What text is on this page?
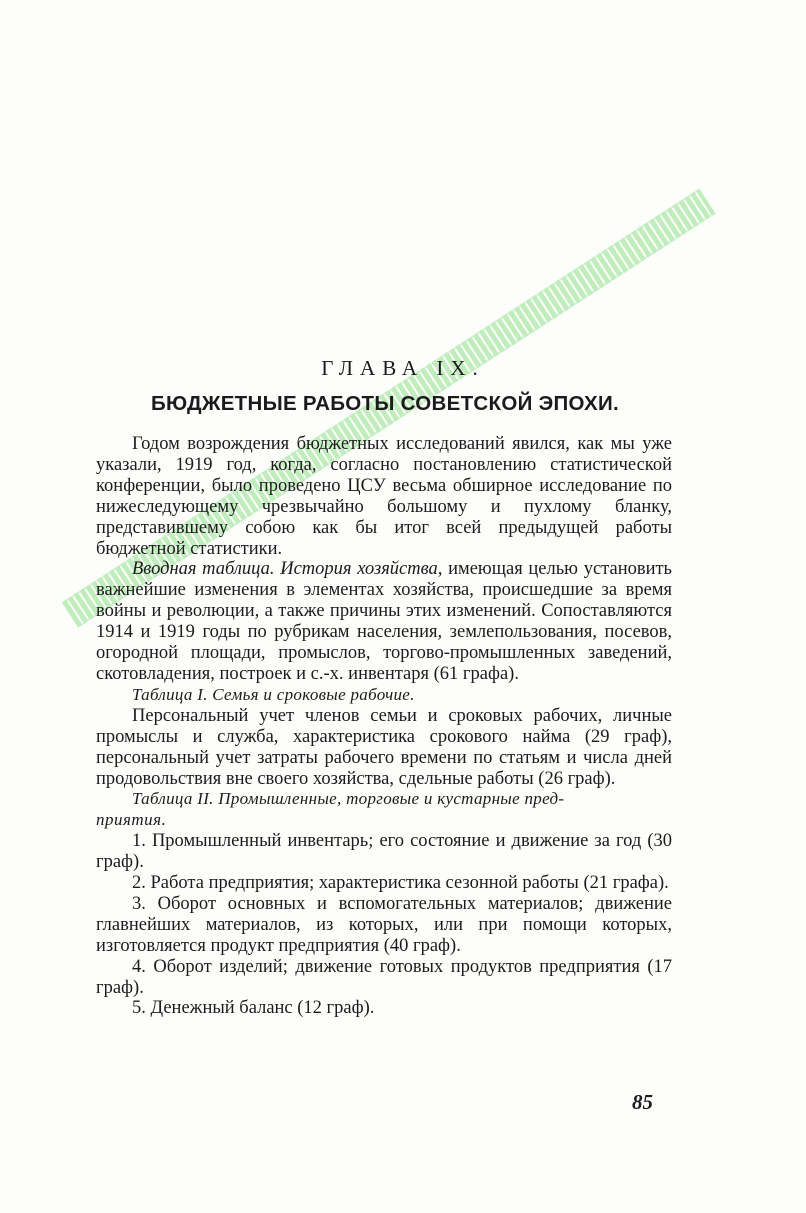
ГЛАВА IX.
БЮДЖЕТНЫЕ РАБОТЫ СОВЕТСКОЙ ЭПОХИ.

Годом возрождения бюджетных исследований явился, как мы уже указали, 1919 год, когда, согласно постановлению статистической конференции, было проведено ЦСУ весьма обширное исследование по нижеследующему чрезвычайно большому и пухлому бланку, представившему собою как бы итог всей предыдущей работы бюджетной статистики.

Вводная таблица. История хозяйства, имеющая целью установить важнейшие изменения в элементах хозяйства, происшедшие за время войны и революции, а также причины этих изменений. Сопоставляются 1914 и 1919 годы по рубрикам населения, землепользования, посевов, огородной площади, промыслов, торгово-промышленных заведений, скотовладения, построек и с.-х. инвентаря (61 графа).

Таблица I. Семья и сроковые рабочие.

Персональный учет членов семьи и сроковых рабочих, личные промыслы и служба, характеристика срокового найма (29 граф), персональный учет затраты рабочего времени по статьям и числа дней продовольствия вне своего хозяйства, сдельные работы (26 граф).

Таблица II. Промышленные, торговые и кустарные пред-

приятия.

1. Промышленный инвентарь; его состояние и движение за год (30 граф).

2. Работа предприятия; характеристика сезонной работы (21 графа).

3. Оборот основных и вспомогательных материалов; движение главнейших материалов, из которых, или при помощи которых, изготовляется продукт предприятия (40 граф).

4. Оборот изделий; движение готовых продуктов предприятия (17 граф).

5. Денежный баланс (12 граф).

85
